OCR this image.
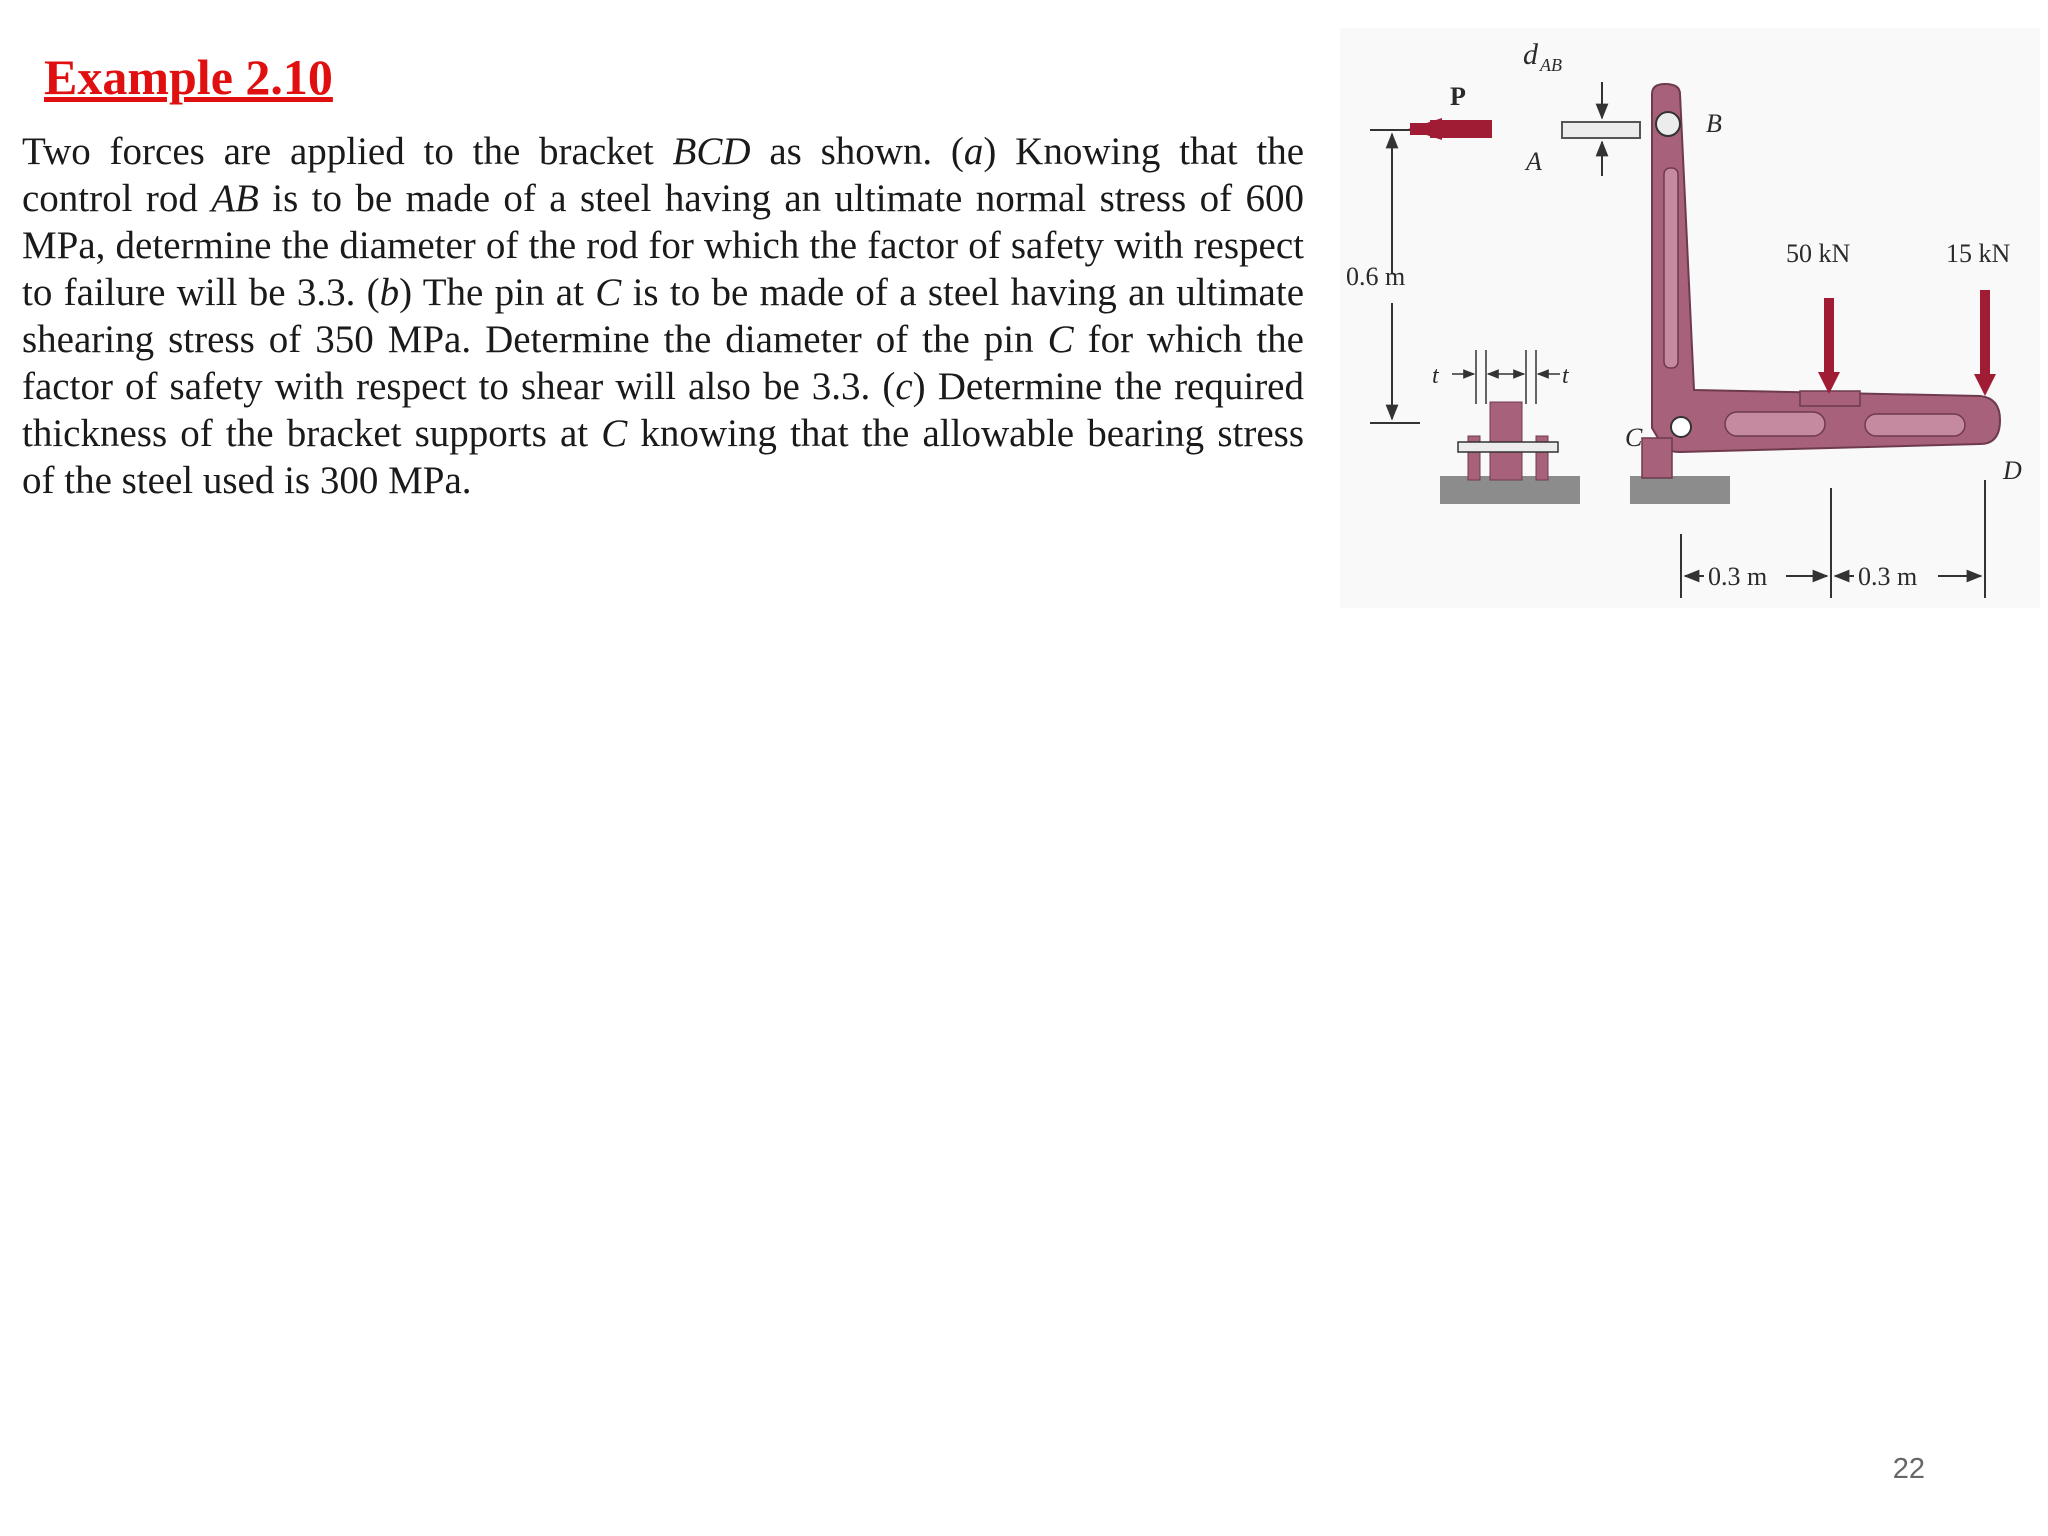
Example 2.10

Two forces are applied to the bracket BCD as shown. (a) Knowing that the control rod AB is to be made of a steel having an ultimate normal stress of 600 MPa, determine the diameter of the rod for which the factor of safety with respect to failure will be 3.3. (b) The pin at C is to be made of a steel having an ultimate shearing stress of 350 MPa. Determine the diameter of the pin C for which the factor of safety with respect to shear will also be 3.3. (c) Determine the required thickness of the bracket supports at C knowing that the allowable bearing stress of the steel used is 300 MPa.

0.6 m
P
d AB
A
B
C
D
50 kN	15 kN
t	t
0.3 m	0.3 m
22
